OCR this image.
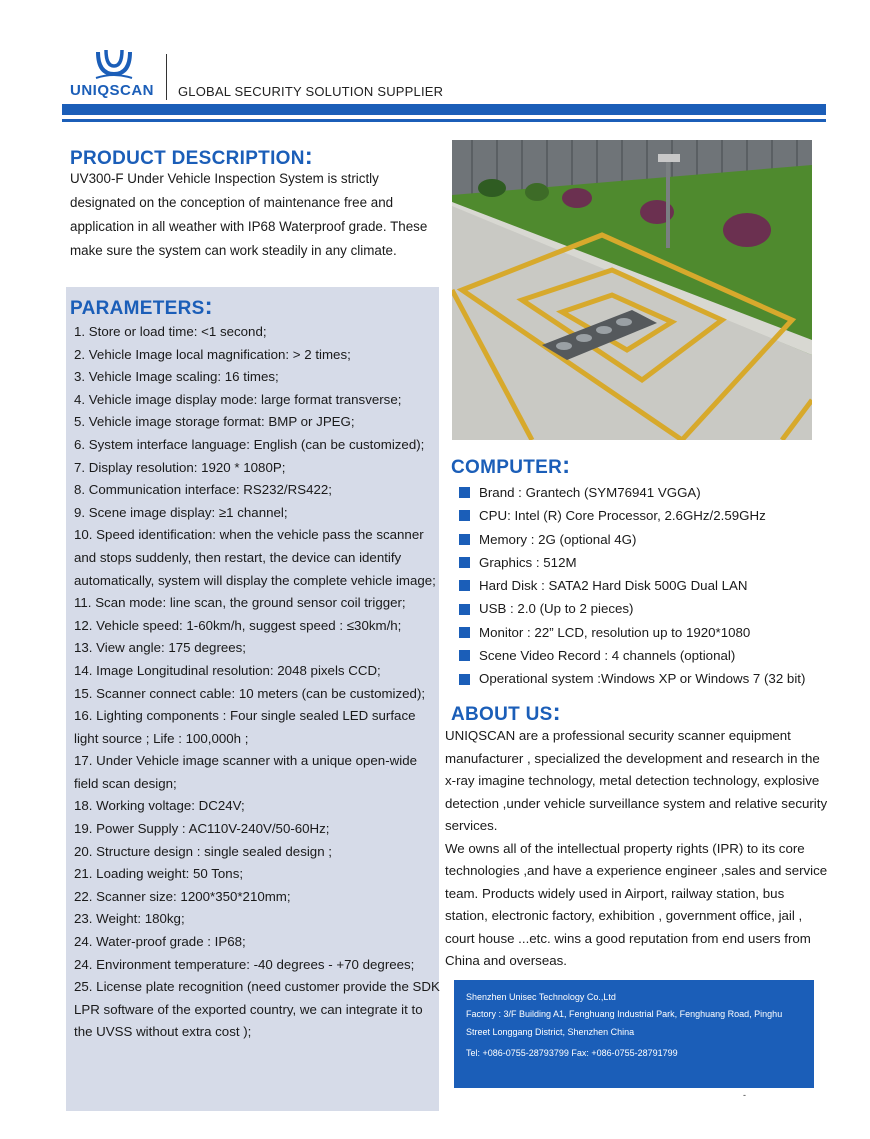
UNIQSCAN GLOBAL SECURITY SOLUTION SUPPLIER
PRODUCT DESCRIPTION:
UV300-F Under Vehicle Inspection System is strictly designated on the conception of maintenance free and application in all weather with IP68 Waterproof grade. These make sure the system can work steadily in any climate.
PARAMETERS:
1. Store or load time: <1 second;
2. Vehicle Image local magnification: > 2 times;
3. Vehicle Image scaling: 16 times;
4. Vehicle image display mode: large format transverse;
5. Vehicle image storage format: BMP or JPEG;
6. System interface language: English (can be customized);
7. Display resolution: 1920 * 1080P;
8. Communication interface: RS232/RS422;
9. Scene image display: ≥1 channel;
10. Speed identification: when the vehicle pass the scanner and stops suddenly, then restart, the device can identify automatically, system will display the complete vehicle image;
11. Scan mode: line scan, the ground sensor coil trigger;
12. Vehicle speed: 1-60km/h, suggest speed : ≤30km/h;
13. View angle: 175 degrees;
14. Image Longitudinal resolution: 2048 pixels CCD;
15. Scanner connect cable: 10 meters (can be customized);
16. Lighting components : Four single sealed LED surface light source ; Life : 100,000h ;
17. Under Vehicle image scanner with a unique open-wide field scan design;
18. Working voltage: DC24V;
19. Power Supply : AC110V-240V/50-60Hz;
20. Structure design : single sealed design ;
21. Loading weight: 50 Tons;
22. Scanner size: 1200*350*210mm;
23. Weight: 180kg;
24. Water-proof grade : IP68;
24. Environment temperature: -40 degrees - +70 degrees;
25. License plate recognition (need customer provide the SDK LPR software of the exported country, we can integrate it to the UVSS without extra cost );
COMPUTER:
Brand : Grantech (SYM76941 VGGA)
CPU: Intel (R) Core Processor, 2.6GHz/2.59GHz
Memory : 2G (optional 4G)
Graphics : 512M
Hard Disk : SATA2 Hard Disk 500G Dual LAN
USB : 2.0 (Up to 2 pieces)
Monitor : 22” LCD, resolution up to 1920*1080
Scene Video Record : 4 channels (optional)
Operational system :Windows XP or Windows 7 (32 bit)
ABOUT US:

UNIQSCAN are a professional security scanner equipment manufacturer , specialized the development and research in the x-ray imagine technology, metal detection technology, explosive detection ,under vehicle surveillance system and relative security services.

We owns all of the intellectual property rights (IPR) to its core technologies ,and have a experience engineer ,sales and service team. Products widely used in Airport, railway station, bus station, electronic factory, exhibition , government office, jail , court house ...etc. wins a good reputation from end users from China and overseas.

Shenzhen Unisec Technology Co.,Ltd
Factory : 3/F Building A1, Fenghuang Industrial Park, Fenghuang Road, Pinghu
Street Longgang District, Shenzhen China
Tel: +086-0755-28793799 Fax: +086-0755-28791799
-
